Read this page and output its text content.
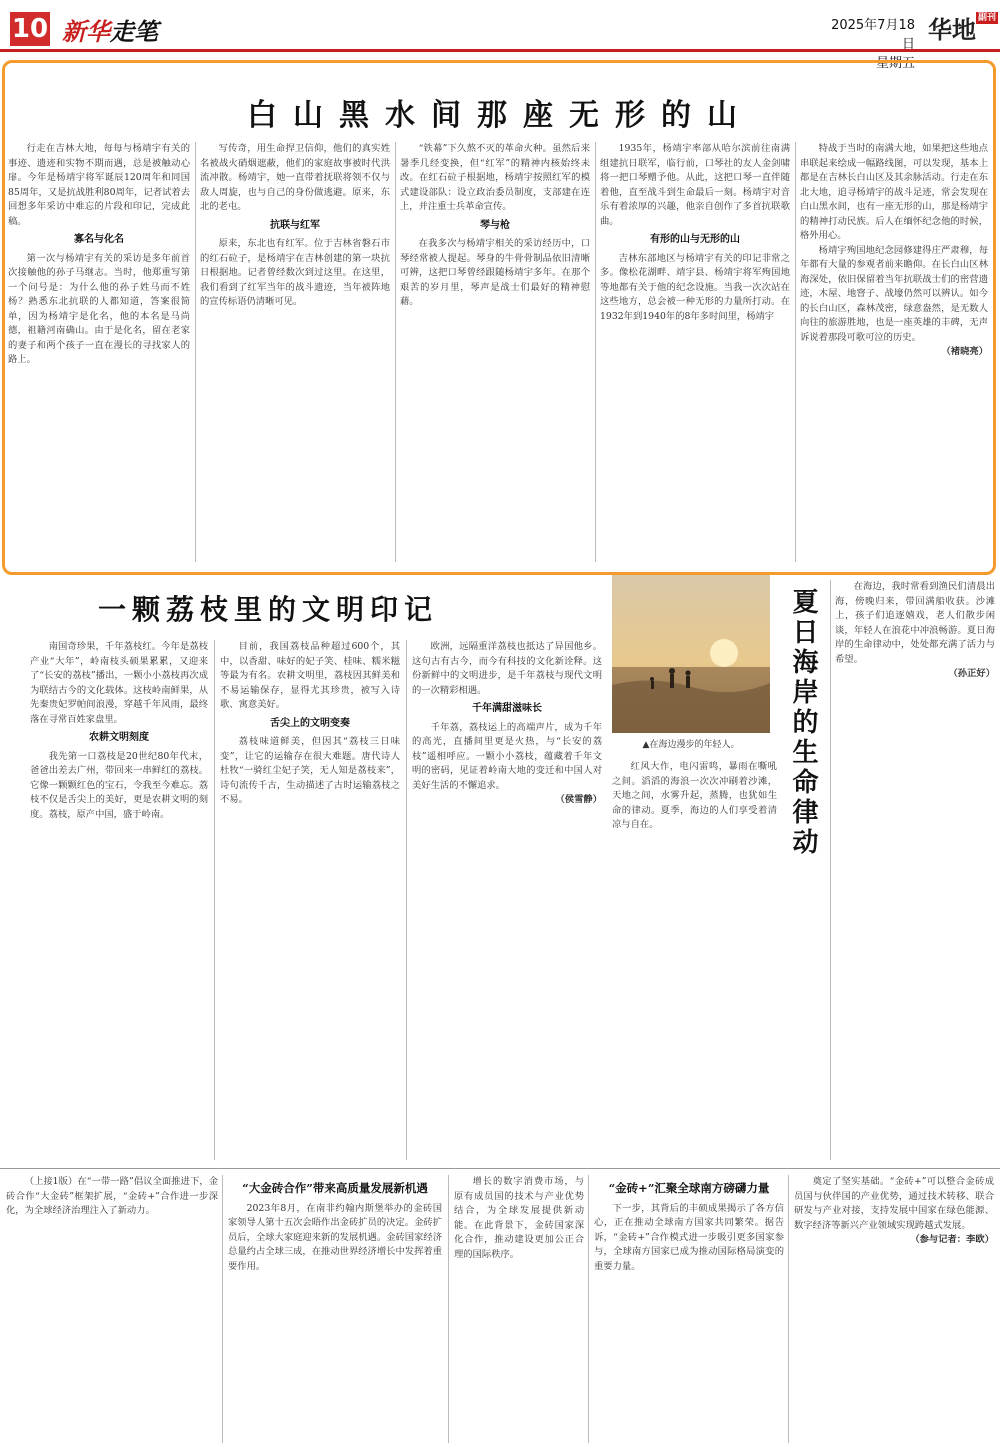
10 新华走笔	2025年7月18日
星期五
华地 $^{副刊}$
白山黑水间那座无形的山

行走在吉林大地，每每与杨靖宇有关的事迹、遗迹和实物不期而遇，总是被触动心扉。今年是杨靖宇将军诞辰120周年和同国85周年，又是抗战胜利80周年，记者试着去回想多年采访中难忘的片段和印记，完成此稿。

寡名与化名

第一次与杨靖宇有关的采访是多年前首次接触他的孙子马继志。当时，他郑重写第一个问号是：为什么他的孙子姓马而不姓杨？熟悉东北抗联的人都知道，答案很简单，因为杨靖宇是化名，他的本名是马尚德，祖籍河南确山。由于是化名，留在老家的妻子和两个孩子一直在漫长的寻找家人的路上。

写传奇，用生命捍卫信仰，他们的真实姓名被战火硝烟遮蔽，他们的家庭故事被时代洪流冲散。杨靖宇，她一直带着抚联将领不仅与敌人周旋，也与自己的身份做逃避。原来，东北的老屯。

抗联与红军

原来，东北也有红军。位于吉林省磐石市的红石砬子，是杨靖宇在吉林创建的第一块抗日根据地。记者曾经数次到过这里。在这里，我们看到了红军当年的战斗遗迹，当年被阵地的宣传标语仍清晰可见。

“铁幕”下久熬不灭的革命火种。虽然后来暑季几经变换，但“红军”的精神内核始终未改。在红石砬子根据地，杨靖宇按照红军的模式建设部队：设立政治委员制度，支部建在连上，并注重士兵革命宣传。

琴与枪

在我多次与杨靖宇相关的采访经历中，口琴经常被人提起。琴身的牛骨骨制品依旧清晰可辨，这把口琴曾经跟随杨靖宇多年。在那个艰苦的岁月里，琴声是战士们最好的精神慰藉。

1935年，杨靖宇率部从哈尔滨前往南满组建抗日联军，临行前，口琴社的友人金剑啸将一把口琴赠予他。从此，这把口琴一直伴随着他，直至战斗到生命最后一刻。杨靖宇对音乐有着浓厚的兴趣，他亲自创作了多首抗联歌曲。

有形的山与无形的山

吉林东部地区与杨靖宇有关的印记非常之多。像松花湖畔、靖宇县、杨靖宇将军殉国地等地都有关于他的纪念设施。当我一次次站在这些地方，总会被一种无形的力量所打动。在1932年到1940年的8年多时间里，杨靖宇

特战于当时的南满大地，如果把这些地点串联起来绘成一幅路线图，可以发现，基本上都是在吉林长白山区及其余脉活动。行走在东北大地，追寻杨靖宇的战斗足迹，常会发现在白山黑水间，也有一座无形的山，那是杨靖宇的精神打动民族。后人在缅怀纪念他的时候，格外用心。

杨靖宇殉国地纪念园修建得庄严肃穆，每年都有大量的参观者前来瞻仰。在长白山区林海深处，依旧保留着当年抗联战士们的密营遗迹，木屋、地窨子、战壕仍然可以辨认。如今的长白山区，森林茂密，绿意盎然，是无数人向往的旅游胜地，也是一座英雄的丰碑，无声诉说着那段可歌可泣的历史。

（褚晓亮）
一颗荔枝里的文明印记

南国奇珍果，千年荔枝红。今年是荔枝产业“大年”，岭南枝头硕果累累，又迎来了“长安的荔枝”播出，一颗小小荔枝再次成为联结古今的文化载体。这枝岭南鲜果，从先秦贵妃罗帕间浪漫，穿越千年风雨，最终落在寻常百姓家盘里。

农耕文明刻度

我先第一口荔枝是20世纪80年代末，爸爸出差去广州，带回来一串鲜红的荔枝。它像一颗颗红色的宝石，令我至今难忘。荔枝不仅是舌尖上的美好，更是农耕文明的刻度。荔枝，原产中国，盛于岭南。

目前，我国荔枝品种超过600个，其中，以香甜、味好的妃子笑、桂味、糯米糍等最为有名。农耕文明里，荔枝因其鲜美和不易运输保存，显得尤其珍贵，被写入诗歌、寓意美好。

舌尖上的文明变奏

荔枝味道鲜美，但因其“荔枝三日味变”，让它的运输存在很大难题。唐代诗人杜牧“一骑红尘妃子笑，无人知是荔枝来”，诗句流传千古，生动描述了古时运输荔枝之不易。

欧洲，远隔重洋荔枝也抵达了异国他乡。这句古有古今，而今有科技的文化新诠释。这份新鲜中的文明进步，是千年荔枝与现代文明的一次精彩相遇。

千年满甜滋味长

千年荔，荔枝运上的高端声片，成为千年的高光，直播间里更是火热，与“长安的荔枝”遥相呼应。一颗小小荔枝，蕴藏着千年文明的密码，见证着岭南大地的变迁和中国人对美好生活的不懈追求。

（侯雪静）
▲在海边漫步的年轻人。	夏日海岸的生命律动

红风大作，电闪雷鸣，暴雨在嘶吼之间。滔滔的海浪一次次冲刷着沙滩，天地之间，水雾升起，蒸腾，也犹如生命的律动。夏季，海边的人们享受着清凉与自在。

在海边，我时常看到渔民们清晨出海，傍晚归来，带回满船收获。沙滩上，孩子们追逐嬉戏，老人们散步闲谈，年轻人在浪花中冲浪畅游。夏日海岸的生命律动中，处处都充满了活力与希望。

（孙正好）

（上接1版）在“一带一路”倡议全面推进下，金砖合作“大金砖”框架扩展，“金砖+”合作进一步深化，为全球经济治理注入了新动力。

“大金砖合作”带来高质量发展新机遇

2023年8月，在南非约翰内斯堡举办的金砖国家领导人第十五次会晤作出金砖扩员的决定。金砖扩员后，全球大家庭迎来新的发展机遇。金砖国家经济总量约占全球三成，在推动世界经济增长中发挥着重要作用。

增长的数字消费市场，与原有成员国的技术与产业优势结合，为全球发展提供新动能。在此背景下，金砖国家深化合作，推动建设更加公正合理的国际秩序。

“金砖+”汇聚全球南方磅礴力量

下一步，其背后的丰硕成果揭示了各方信心，正在推动全球南方国家共同繁荣。据告诉，“金砖+”合作模式进一步吸引更多国家参与，全球南方国家已成为推动国际格局演变的重要力量。

奠定了坚实基础。“金砖+”可以整合金砖成员国与伙伴国的产业优势，通过技术转移、联合研发与产业对接，支持发展中国家在绿色能源、数字经济等新兴产业领域实现跨越式发展。

（参与记者：李欧）
